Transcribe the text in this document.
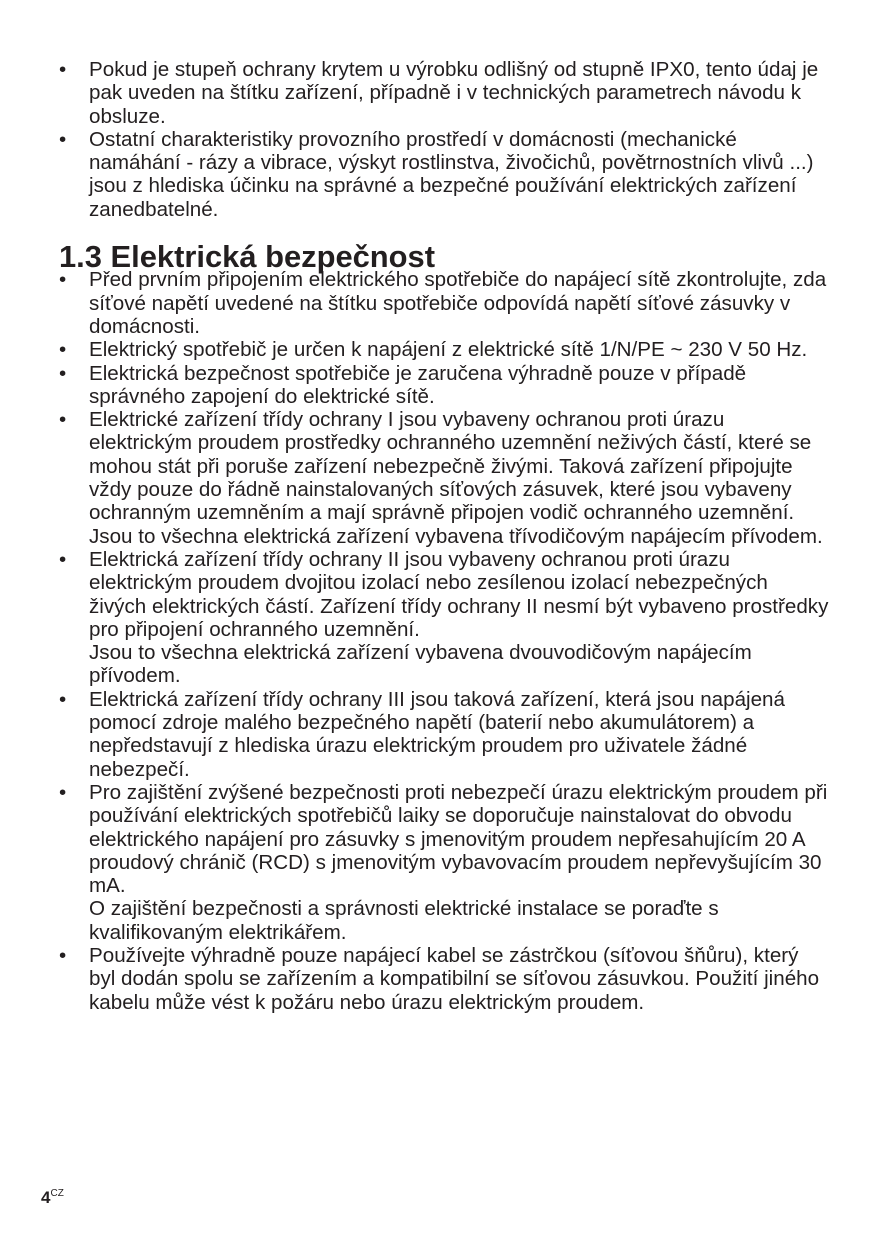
• Pokud je stupeň ochrany krytem u výrobku odlišný od stupně IPX0, tento údaj je pak uveden na štítku zařízení, případně i v technických parametrech návodu k obsluze.

• Ostatní charakteristiky provozního prostředí v domácnosti (mechanické namáhání - rázy a vibrace, výskyt rostlinstva, živočichů, povětrnostních vlivů ...) jsou z hlediska účinku na správné a bezpečné používání elektrických zařízení zanedbatelné.

1.3 Elektrická bezpečnost

• Před prvním připojením elektrického spotřebiče do napájecí sítě zkontrolujte, zda síťové napětí uvedené na štítku spotřebiče odpovídá napětí síťové zásuvky v domácnosti.

• Elektrický spotřebič je určen k napájení z elektrické sítě 1/N/PE ~ 230 V 50 Hz.

• Elektrická bezpečnost spotřebiče je zaručena výhradně pouze v případě správného zapojení do elektrické sítě.

• Elektrické zařízení třídy ochrany I jsou vybaveny ochranou proti úrazu elektrickým proudem prostředky ochranného uzemnění neživých částí, které se mohou stát při poruše zařízení nebezpečně živými. Taková zařízení připojujte vždy pouze do řádně nainstalovaných síťových zásuvek, které jsou vybaveny ochranným uzemněním a mají správně připojen vodič ochranného uzemnění.

Jsou to všechna elektrická zařízení vybavena třívodičovým napájecím přívodem.

• Elektrická zařízení třídy ochrany II jsou vybaveny ochranou proti úrazu elektrickým proudem dvojitou izolací nebo zesílenou izolací nebezpečných živých elektrických částí. Zařízení třídy ochrany II nesmí být vybaveno prostředky pro připojení ochranného uzemnění.

Jsou to všechna elektrická zařízení vybavena dvouvodičovým napájecím přívodem.

• Elektrická zařízení třídy ochrany III jsou taková zařízení, která jsou napájená pomocí zdroje malého bezpečného napětí (baterií nebo akumulátorem) a nepředstavují z hlediska úrazu elektrickým proudem pro uživatele žádné nebezpečí.

• Pro zajištění zvýšené bezpečnosti proti nebezpečí úrazu elektrickým proudem při používání elektrických spotřebičů laiky se doporučuje nainstalovat do obvodu elektrického napájení pro zásuvky s jmenovitým proudem nepřesahujícím 20 A proudový chránič (RCD) s jmenovitým vybavovacím proudem nepřevyšujícím 30 mA.

O zajištění bezpečnosti a správnosti elektrické instalace se poraďte s kvalifikovaným elektrikářem.

• Používejte výhradně pouze napájecí kabel se zástrčkou (síťovou šňůru), který byl dodán spolu se zařízením a kompatibilní se síťovou zásuvkou. Použití jiného kabelu může vést k požáru nebo úrazu elektrickým proudem.

$4^{CZ}$
